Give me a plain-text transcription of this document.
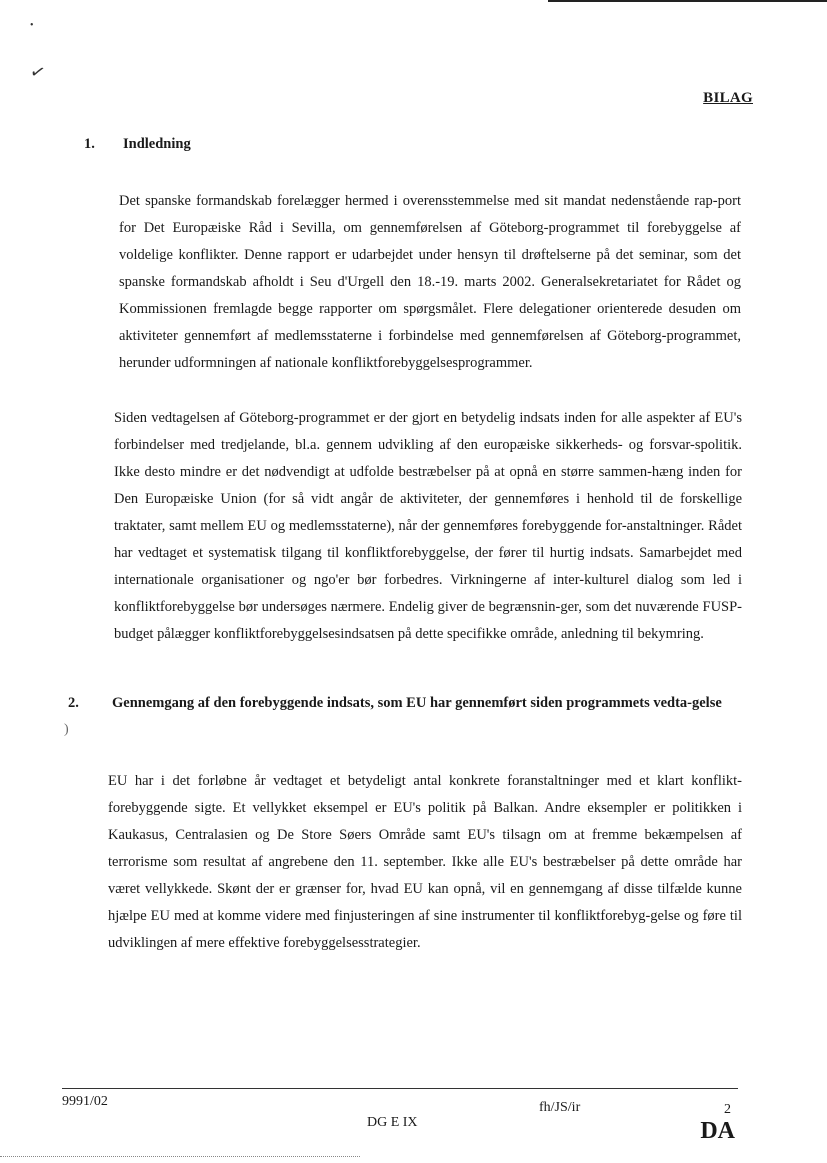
•
✓
)
BILAG
1. Indledning

Det spanske formandskab forelægger hermed i overensstemmelse med sit mandat nedenstående rap-port for Det Europæiske Råd i Sevilla, om gennemførelsen af Göteborg-programmet til forebyggelse af voldelige konflikter. Denne rapport er udarbejdet under hensyn til drøftelserne på det seminar, som det spanske formandskab afholdt i Seu d'Urgell den 18.-19. marts 2002. Generalsekretariatet for Rådet og Kommissionen fremlagde begge rapporter om spørgsmålet. Flere delegationer orienterede desuden om aktiviteter gennemført af medlemsstaterne i forbindelse med gennemførelsen af Göteborg-programmet, herunder udformningen af nationale konfliktforebyggelsesprogrammer.

Siden vedtagelsen af Göteborg-programmet er der gjort en betydelig indsats inden for alle aspekter af EU's forbindelser med tredjelande, bl.a. gennem udvikling af den europæiske sikkerheds- og forsvar-spolitik. Ikke desto mindre er det nødvendigt at udfolde bestræbelser på at opnå en større sammen-hæng inden for Den Europæiske Union (for så vidt angår de aktiviteter, der gennemføres i henhold til de forskellige traktater, samt mellem EU og medlemsstaterne), når der gennemføres forebyggende for-anstaltninger. Rådet har vedtaget et systematisk tilgang til konfliktforebyggelse, der fører til hurtig indsats. Samarbejdet med internationale organisationer og ngo'er bør forbedres. Virkningerne af inter-kulturel dialog som led i konfliktforebyggelse bør undersøges nærmere. Endelig giver de begrænsnin-ger, som det nuværende FUSP-budget pålægger konfliktforebyggelsesindsatsen på dette specifikke område, anledning til bekymring.

2. Gennemgang af den forebyggende indsats, som EU har gennemført siden programmets vedta-gelse

EU har i det forløbne år vedtaget et betydeligt antal konkrete foranstaltninger med et klart konflikt-forebyggende sigte. Et vellykket eksempel er EU's politik på Balkan. Andre eksempler er politikken i Kaukasus, Centralasien og De Store Søers Område samt EU's tilsagn om at fremme bekæmpelsen af terrorisme som resultat af angrebene den 11. september. Ikke alle EU's bestræbelser på dette område har været vellykkede. Skønt der er grænser for, hvad EU kan opnå, vil en gennemgang af disse tilfælde kunne hjælpe EU med at komme videre med finjusteringen af sine instrumenter til konfliktforebyg-gelse og føre til udviklingen af mere effektive forebyggelsesstrategier.

9991/02	fh/JS/ir	2
DG E IX	DA
